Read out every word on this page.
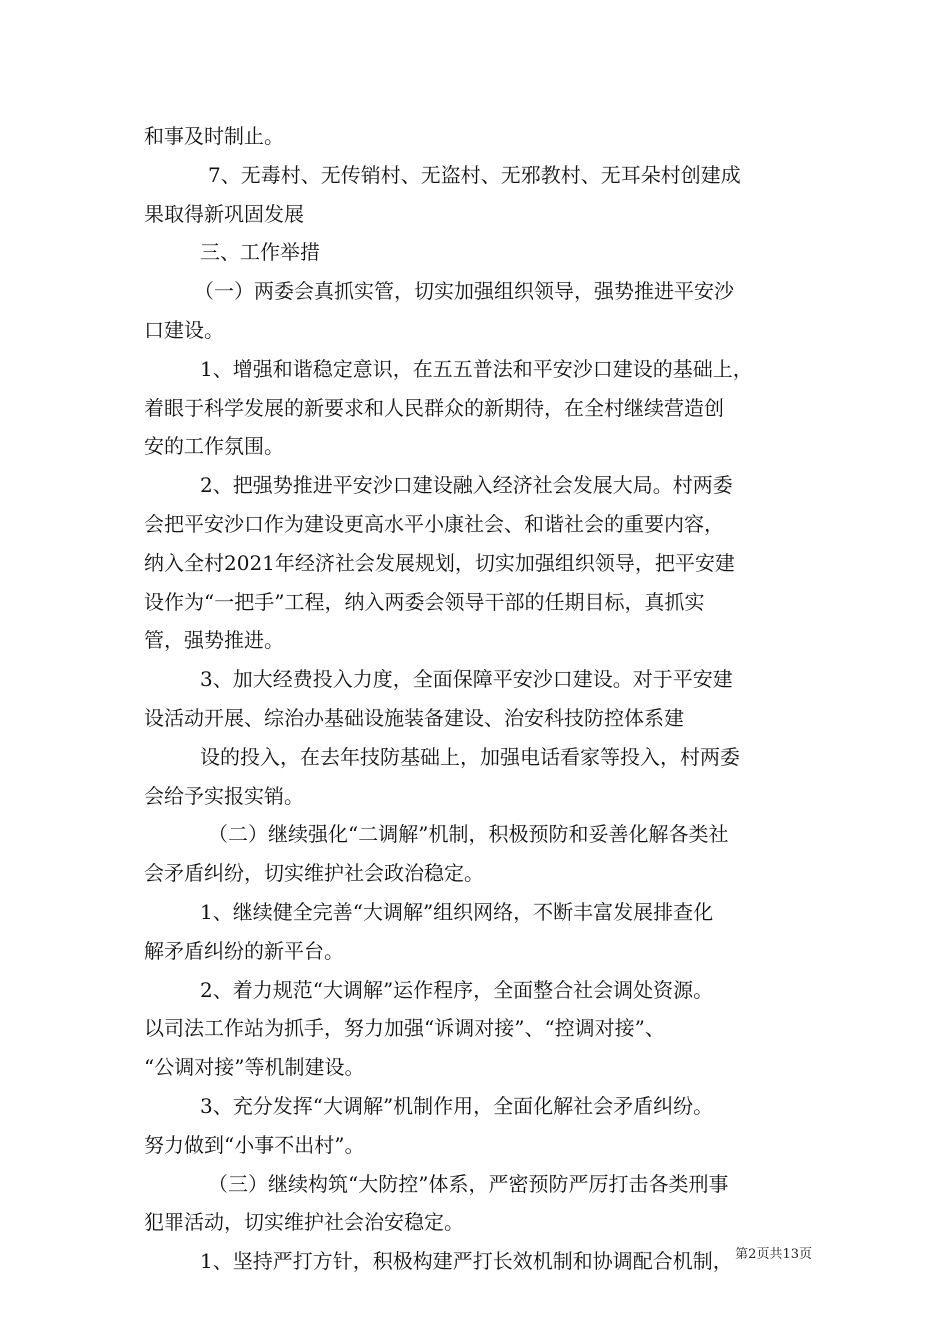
和事及时制止。
7、无毒村、无传销村、无盗村、无邪教村、无耳朵村创建成
果取得新巩固发展
三、工作举措
（一）两委会真抓实管，切实加强组织领导，强势推进平安沙
口建设。
1、增强和谐稳定意识，在五五普法和平安沙口建设的基础上，
着眼于科学发展的新要求和人民群众的新期待，在全村继续营造创
安的工作氛围。
2、把强势推进平安沙口建设融入经济社会发展大局。村两委
会把平安沙口作为建设更高水平小康社会、和谐社会的重要内容，
纳入全村2021年经济社会发展规划，切实加强组织领导，把平安建
设作为“一把手”工程，纳入两委会领导干部的任期目标，真抓实
管，强势推进。
3、加大经费投入力度，全面保障平安沙口建设。对于平安建
设活动开展、综治办基础设施装备建设、治安科技防控体系建
设的投入，在去年技防基础上，加强电话看家等投入，村两委
会给予实报实销。
（二）继续强化“二调解”机制，积极预防和妥善化解各类社
会矛盾纠纷，切实维护社会政治稳定。
1、继续健全完善“大调解”组织网络，不断丰富发展排查化
解矛盾纠纷的新平台。
2、着力规范“大调解”运作程序，全面整合社会调处资源。
以司法工作站为抓手，努力加强“诉调对接”、“控调对接”、
“公调对接”等机制建设。
3、充分发挥“大调解”机制作用，全面化解社会矛盾纠纷。
努力做到“小事不出村”。
（三）继续构筑“大防控”体系，严密预防严厉打击各类刑事
犯罪活动，切实维护社会治安稳定。
1、坚持严打方针，积极构建严打长效机制和协调配合机制， 第2页共13页
